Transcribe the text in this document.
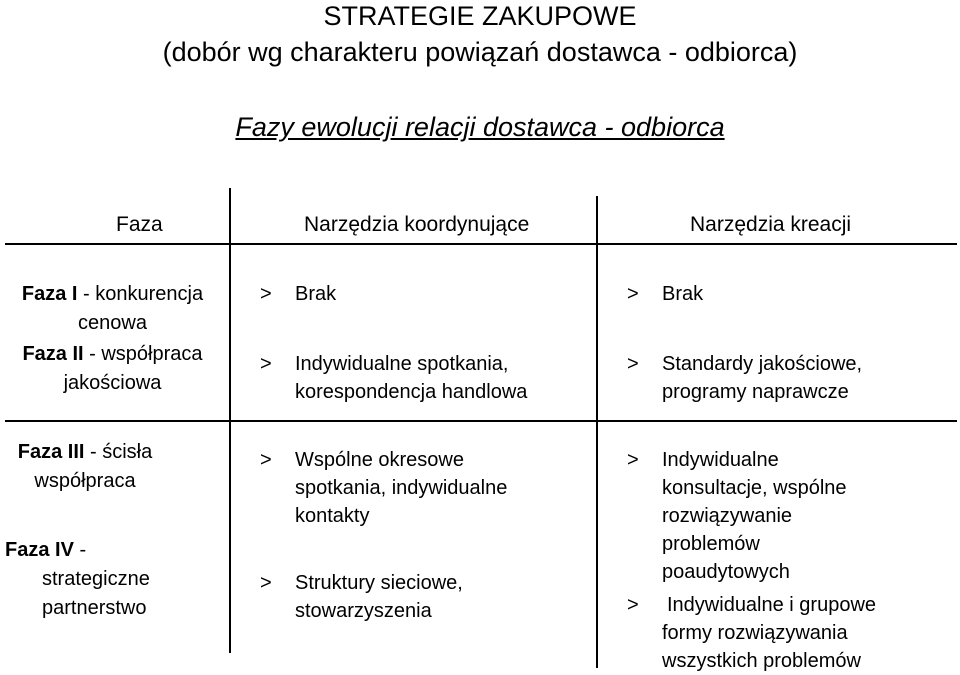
STRATEGIE ZAKUPOWE
(dobór wg charakteru powiązań dostawca - odbiorca)
Fazy ewolucji relacji dostawca - odbiorca
Faza	Narzędzia koordynujące	Narzędzia kreacji
Faza I - konkurencja
cenowa
Faza II - współpraca
jakościowa
Faza III - ścisła
współpraca
Faza IV -
strategiczne
partnerstwo
> Brak
> Indywidualne spotkania,
korespondencja handlowa
> Wspólne okresowe
spotkania, indywidualne
kontakty
> Struktury sieciowe,
stowarzyszenia
> Brak
> Standardy jakościowe,
programy naprawcze
> Indywidualne
konsultacje, wspólne
rozwiązywanie
problemów
poaudytowych
> Indywidualne i grupowe
formy rozwiązywania
wszystkich problemów
